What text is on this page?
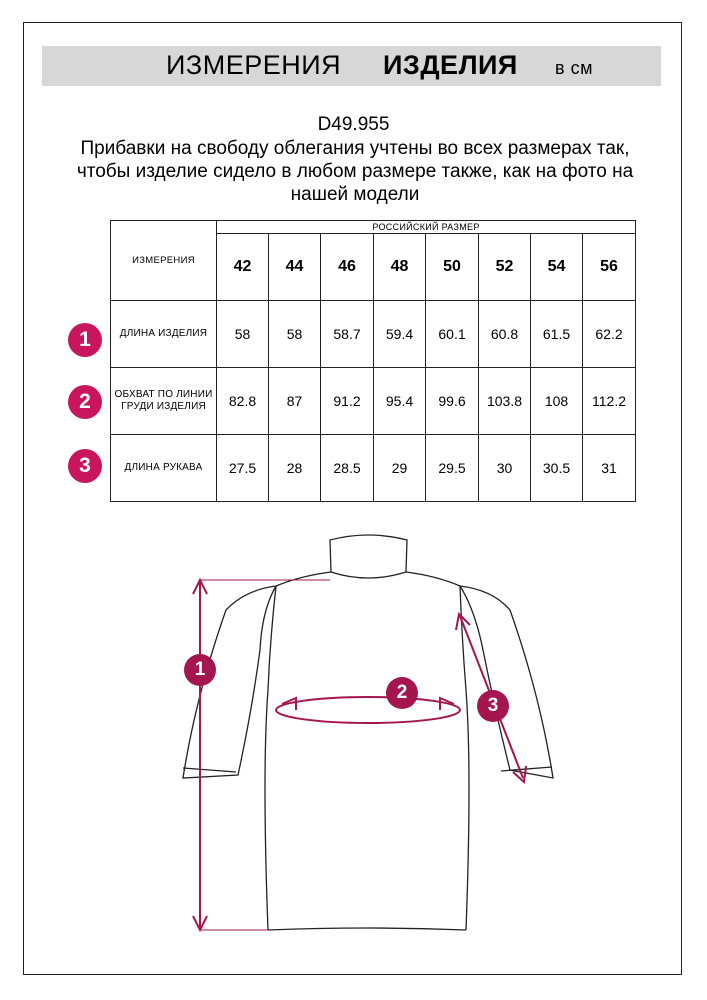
ИЗМЕРЕНИЯ ИЗДЕЛИЯ в см
D49.955
Прибавки на свободу облегания учтены во всех размерах так, чтобы изделие сидело в любом размере также, как на фото на нашей модели
ИЗМЕРЕНИЯ	РОССИЙСКИЙ РАЗМЕР							
	42	44	46	48	50	52	54	56
ДЛИНА ИЗДЕЛИЯ	58	58	58.7	59.4	60.1	60.8	61.5	62.2
ОБХВАТ ПО ЛИНИИ ГРУДИ ИЗДЕЛИЯ	82.8	87	91.2	95.4	99.6	103.8	108	112.2
ДЛИНА РУКАВА	27.5	28	28.5	29	29.5	30	30.5	31
1
2
3
1
2
3
